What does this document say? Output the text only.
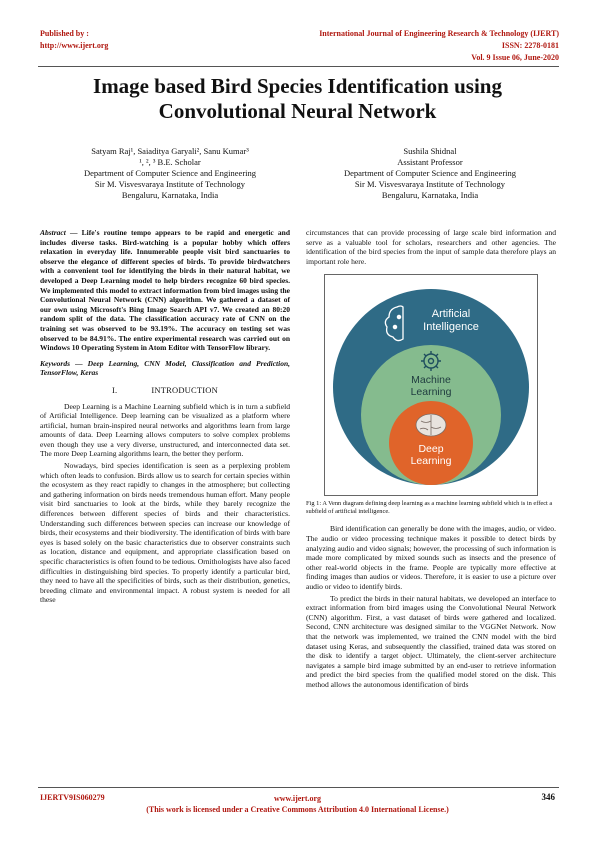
Published by :
http://www.ijert.org
International Journal of Engineering Research & Technology (IJERT)
ISSN: 2278-0181
Vol. 9 Issue 06, June-2020
Image based Bird Species Identification using Convolutional Neural Network
Satyam Raj¹, Saiaditya Garyali², Sanu Kumar³
¹, ², ³ B.E. Scholar
Department of Computer Science and Engineering
Sir M. Visvesvaraya Institute of Technology
Bengaluru, Karnataka, India
Sushila Shidnal
Assistant Professor
Department of Computer Science and Engineering
Sir M. Visvesvaraya Institute of Technology
Bengaluru, Karnataka, India
Abstract — Life's routine tempo appears to be rapid and energetic and includes diverse tasks. Bird-watching is a popular hobby which offers relaxation in everyday life. Innumerable people visit bird sanctuaries to observe the elegance of different species of birds. To provide birdwatchers with a convenient tool for identifying the birds in their natural habitat, we developed a Deep Learning model to help birders recognize 60 bird species. We implemented this model to extract information from bird images using the Convolutional Neural Network (CNN) algorithm. We gathered a dataset of our own using Microsoft's Bing Image Search API v7. We created an 80:20 random split of the data. The classification accuracy rate of CNN on the training set was observed to be 93.19%. The accuracy on testing set was observed to be 84.91%. The entire experimental research was carried out on Windows 10 Operating System in Atom Editor with TensorFlow library.
Keywords — Deep Learning, CNN Model, Classification and Prediction, TensorFlow, Keras
I.	INTRODUCTION

Deep Learning is a Machine Learning subfield which is in turn a subfield of Artificial Intelligence. Deep learning can be visualized as a platform where artificial, human brain-inspired neural networks and algorithms learn from large amounts of data. Deep Learning allows computers to solve complex problems even though they use a very diverse, unstructured, and interconnected data set. The more Deep Learning algorithms learn, the better they perform.

Nowadays, bird species identification is seen as a perplexing problem which often leads to confusion. Birds allow us to search for certain species within the ecosystem as they react rapidly to changes in the atmosphere; but collecting and gathering information on birds needs tremendous human effort. Many people visit bird sanctuaries to look at the birds, while they barely recognize the differences between different species of birds and their characteristics. Understanding such differences between species can increase our knowledge of birds, their ecosystems and their biodiversity. The identification of birds with bare eyes is based solely on the basic characteristics due to observer constraints such as location, distance and equipment, and appropriate classification based on specific characteristics is often found to be tedious. Ornithologists have also faced difficulties in distinguishing bird species. To properly identify a particular bird, they need to have all the specificities of birds, such as their distribution, genetics, breeding climate and environmental impact. A robust system is needed for all these

circumstances that can provide processing of large scale bird information and serve as a valuable tool for scholars, researchers and other agencies. The identification of the bird species from the input of sample data therefore plays an important role here.

Artificial
Intelligence
Machine
Learning
Deep
Learning
Fig 1: A Venn diagram defining deep learning as a machine learning subfield which is in effect a subfield of artificial intelligence.

Bird identification can generally be done with the images, audio, or video. The audio or video processing technique makes it possible to detect birds by analyzing audio and video signals; however, the processing of such information is made more complicated by mixed sounds such as insects and the presence of other real-world objects in the frame. People are typically more effective at finding images than audios or videos. Therefore, it is easier to use a picture over audio or video to identify birds.

To predict the birds in their natural habitats, we developed an interface to extract information from bird images using the Convolutional Neural Network (CNN) algorithm. First, a vast dataset of birds were gathered and localized. Second, CNN architecture was designed similar to the VGGNet Network. Now that the network was implemented, we trained the CNN model with the bird dataset using Keras, and subsequently the classified, trained data was stored on the disk to identify a target object. Ultimately, the client-server architecture navigates a sample bird image submitted by an end-user to retrieve information and predict the bird species from the qualified model stored on the disk. This method allows the autonomous identification of birds

IJERTV9IS060279	www.ijert.org
(This work is licensed under a Creative Commons Attribution 4.0 International License.)
346
